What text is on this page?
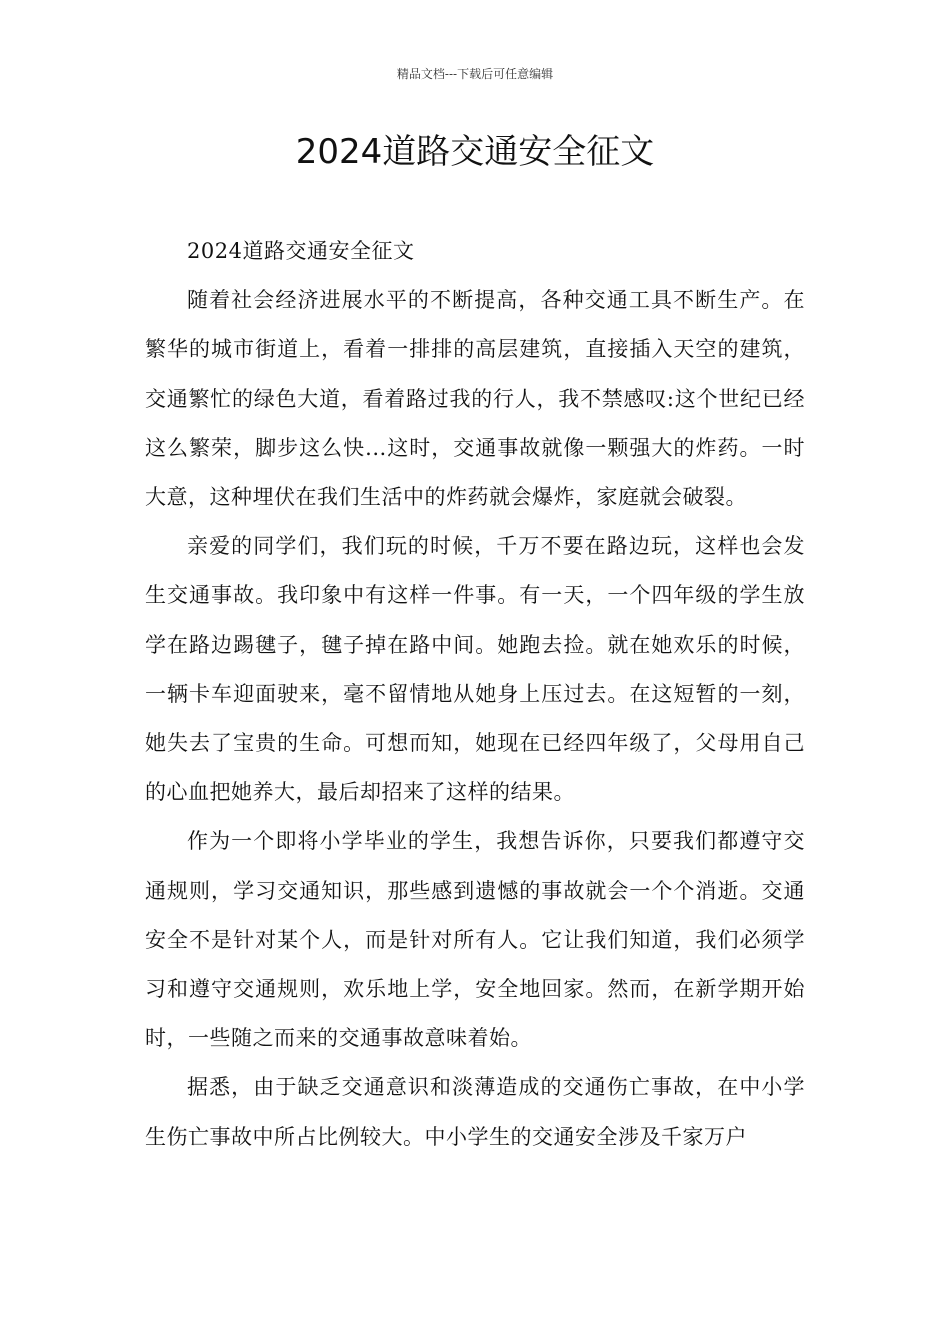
精品文档---下载后可任意编辑
2024道路交通安全征文

2024道路交通安全征文

随着社会经济进展水平的不断提高，各种交通工具不断生产。在繁华的城市街道上，看着一排排的高层建筑，直接插入天空的建筑，交通繁忙的绿色大道，看着路过我的行人，我不禁感叹:这个世纪已经这么繁荣，脚步这么快...这时，交通事故就像一颗强大的炸药。一时大意，这种埋伏在我们生活中的炸药就会爆炸，家庭就会破裂。

亲爱的同学们，我们玩的时候，千万不要在路边玩，这样也会发生交通事故。我印象中有这样一件事。有一天，一个四年级的学生放学在路边踢毽子，毽子掉在路中间。她跑去捡。就在她欢乐的时候，一辆卡车迎面驶来，毫不留情地从她身上压过去。在这短暂的一刻，她失去了宝贵的生命。可想而知，她现在已经四年级了，父母用自己的心血把她养大，最后却招来了这样的结果。

作为一个即将小学毕业的学生，我想告诉你，只要我们都遵守交通规则，学习交通知识，那些感到遗憾的事故就会一个个消逝。交通安全不是针对某个人，而是针对所有人。它让我们知道，我们必须学习和遵守交通规则，欢乐地上学，安全地回家。然而，在新学期开始时，一些随之而来的交通事故意味着始。

据悉，由于缺乏交通意识和淡薄造成的交通伤亡事故，在中小学生伤亡事故中所占比例较大。中小学生的交通安全涉及千家万户
